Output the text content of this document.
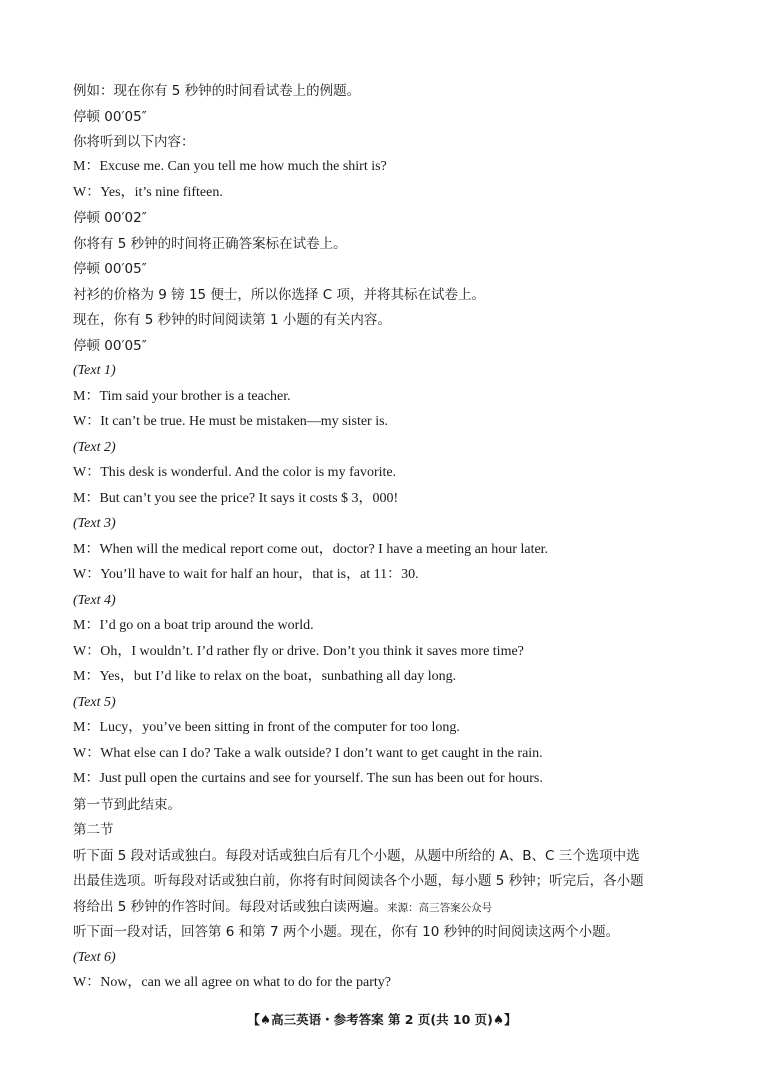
例如：现在你有 5 秒钟的时间看试卷上的例题。
停顿 00′05″
你将听到以下内容：
M：Excuse me. Can you tell me how much the shirt is?
W：Yes，it’s nine fifteen.
停顿 00′02″
你将有 5 秒钟的时间将正确答案标在试卷上。
停顿 00′05″
衬衫的价格为 9 镑 15 便士，所以你选择 C 项，并将其标在试卷上。
现在，你有 5 秒钟的时间阅读第 1 小题的有关内容。
停顿 00′05″
(Text 1)
M：Tim said your brother is a teacher.
W：It can’t be true. He must be mistaken—my sister is.
(Text 2)
W：This desk is wonderful. And the color is my favorite.
M：But can’t you see the price? It says it costs $ 3，000!
(Text 3)
M：When will the medical report come out，doctor? I have a meeting an hour later.
W：You’ll have to wait for half an hour，that is，at 11：30.
(Text 4)
M：I’d go on a boat trip around the world.
W：Oh，I wouldn’t. I’d rather fly or drive. Don’t you think it saves more time?
M：Yes，but I’d like to relax on the boat，sunbathing all day long.
(Text 5)
M：Lucy，you’ve been sitting in front of the computer for too long.
W：What else can I do? Take a walk outside? I don’t want to get caught in the rain.
M：Just pull open the curtains and see for yourself. The sun has been out for hours.
第一节到此结束。
第二节
听下面 5 段对话或独白。每段对话或独白后有几个小题，从题中所给的 A、B、C 三个选项中选
出最佳选项。听每段对话或独白前，你将有时间阅读各个小题，每小题 5 秒钟；听完后，各小题
将给出 5 秒钟的作答时间。每段对话或独白读两遍。来源：高三答案公众号
听下面一段对话，回答第 6 和第 7 两个小题。现在，你有 10 秒钟的时间阅读这两个小题。
(Text 6)
W：Now，can we all agree on what to do for the party?
【♠高三英语・参考答案 第 2 页(共 10 页)♠】
